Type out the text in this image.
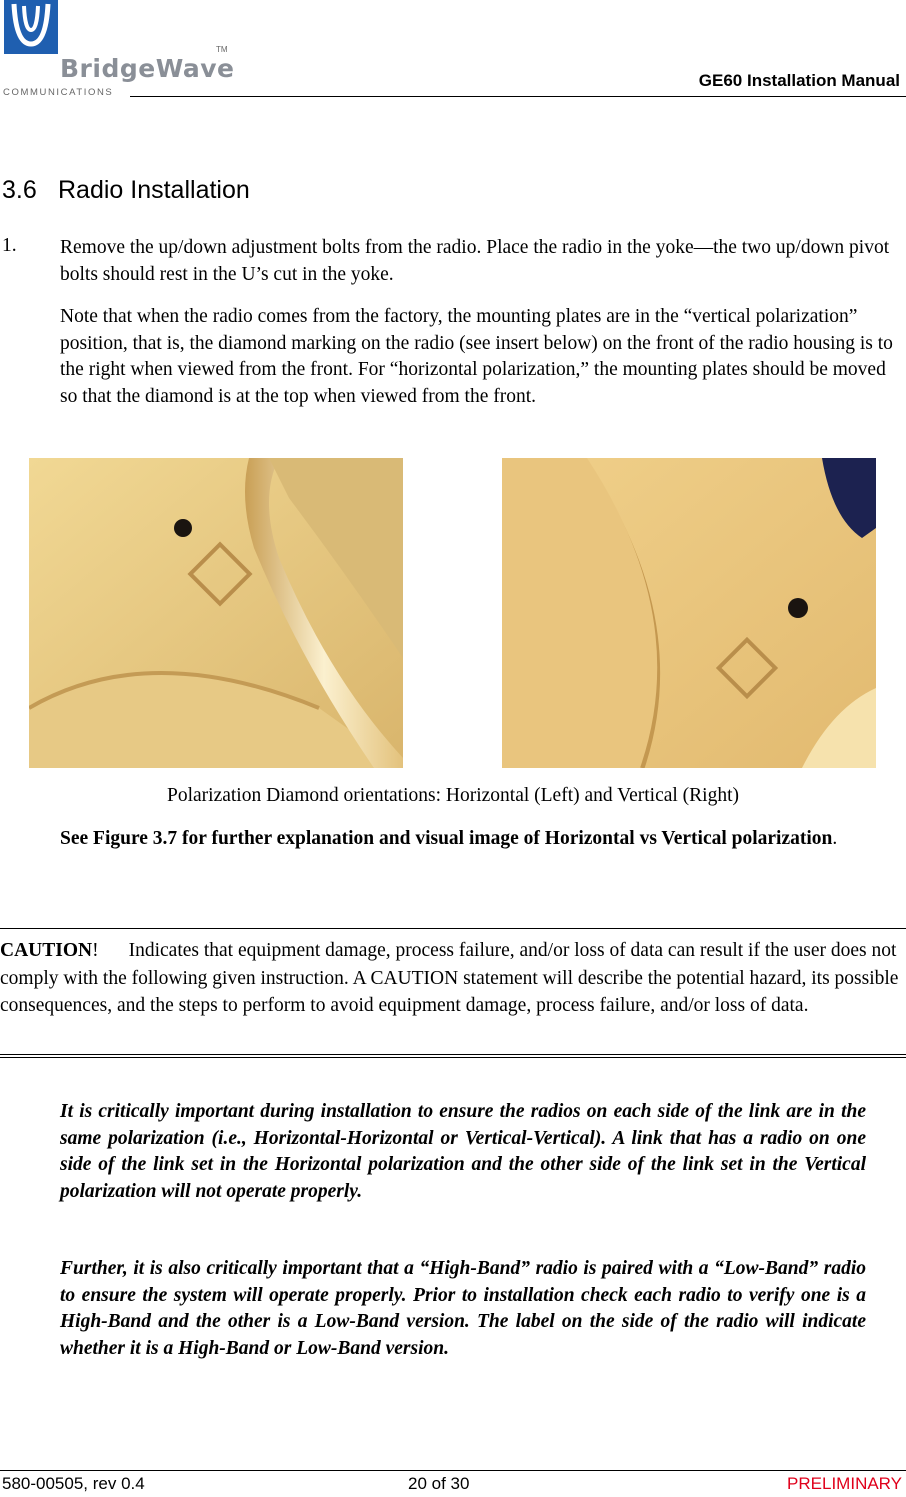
BridgeWave
TM
COMMUNICATIONS
GE60 Installation Manual
3.6 Radio Installation
1. Remove the up/down adjustment bolts from the radio. Place the radio in the yoke—the two up/down pivot bolts should rest in the U’s cut in the yoke.
Note that when the radio comes from the factory, the mounting plates are in the “vertical polarization” position, that is, the diamond marking on the radio (see insert below) on the front of the radio housing is to the right when viewed from the front. For “horizontal polarization,” the mounting plates should be moved so that the diamond is at the top when viewed from the front.
Polarization Diamond orientations: Horizontal (Left) and Vertical (Right)
See Figure 3.7 for further explanation and visual image of Horizontal vs Vertical polarization.
CAUTION! Indicates that equipment damage, process failure, and/or loss of data can result if the user does not comply with the following given instruction. A CAUTION statement will describe the potential hazard, its possible consequences, and the steps to perform to avoid equipment damage, process failure, and/or loss of data.
It is critically important during installation to ensure the radios on each side of the link are in the same polarization (i.e., Horizontal-Horizontal or Vertical-Vertical). A link that has a radio on one side of the link set in the Horizontal polarization and the other side of the link set in the Vertical polarization will not operate properly.
Further, it is also critically important that a “High-Band” radio is paired with a “Low-Band” radio to ensure the system will operate properly. Prior to installation check each radio to verify one is a High-Band and the other is a Low-Band version. The label on the side of the radio will indicate whether it is a High-Band or Low-Band version.
580-00505, rev 0.4	20 of 30	PRELIMINARY
